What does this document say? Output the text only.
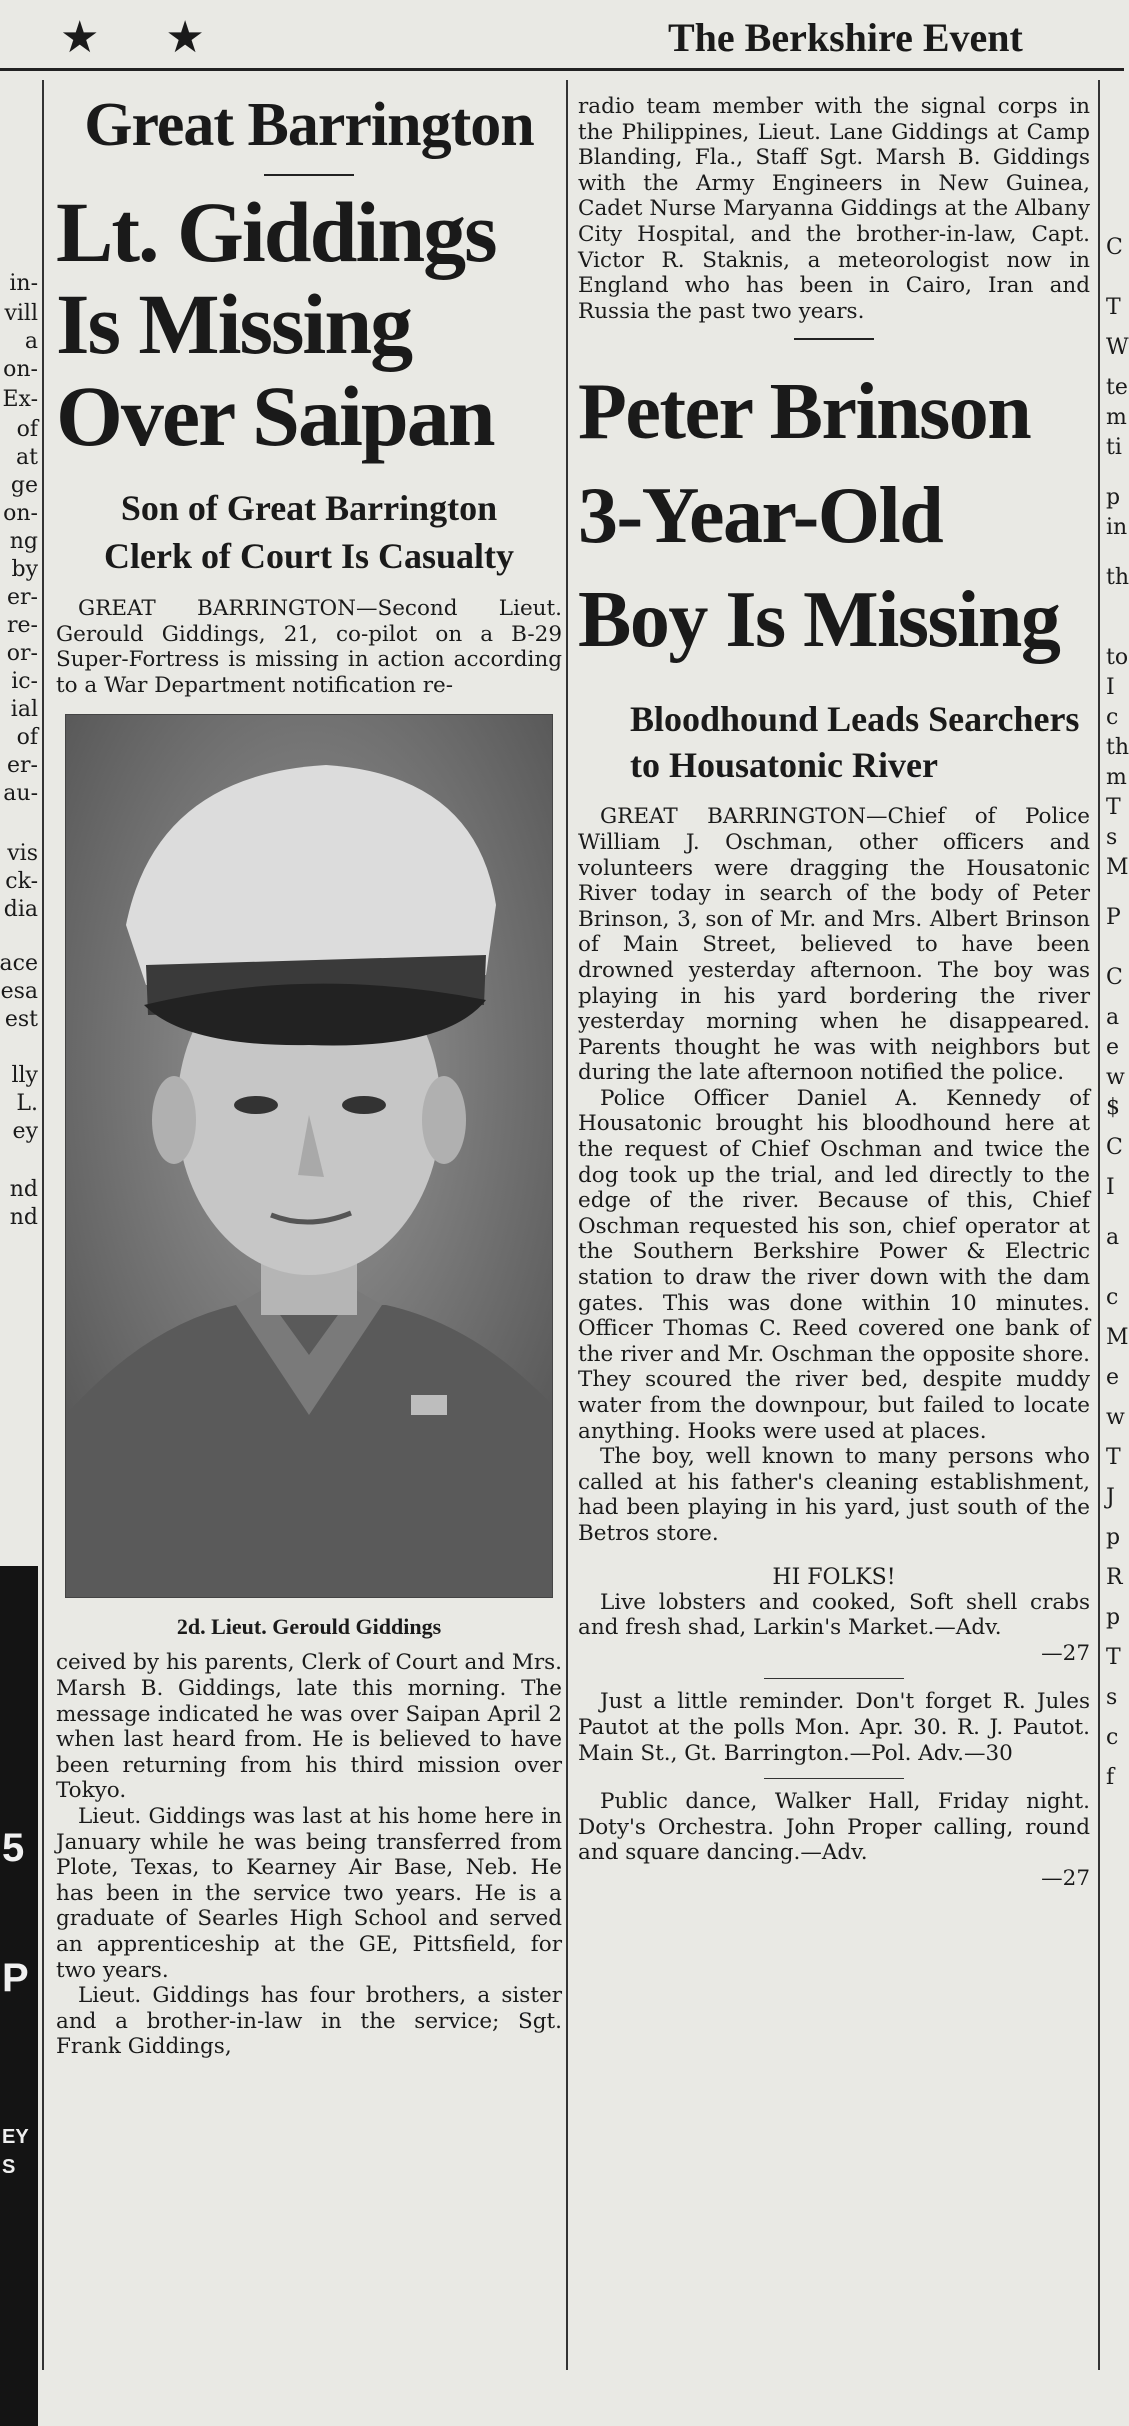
★ ★	The Berkshire Event
in-
vill
a
on-
Ex-
of
at
ge
on-
ng
by
er-
re-
or-
ic-
ial
of
er-
au-
vis
ck-
dia
ace
esa
est
lly
L.
ey
nd
nd
5
P
EY
S
Great Barrington
Lt. Giddings
Is Missing
Over Saipan
Son of Great Barrington Clerk of Court Is Casualty

GREAT BARRINGTON—Second Lieut. Gerould Giddings, 21, co-pilot on a B-29 Super-Fortress is missing in action according to a War Department notification re-

2d. Lieut. Gerould Giddings

ceived by his parents, Clerk of Court and Mrs. Marsh B. Giddings, late this morning. The message indicated he was over Saipan April 2 when last heard from. He is believed to have been returning from his third mission over Tokyo.

Lieut. Giddings was last at his home here in January while he was being transferred from Plote, Texas, to Kearney Air Base, Neb. He has been in the service two years. He is a graduate of Searles High School and served an apprenticeship at the GE, Pittsfield, for two years.

Lieut. Giddings has four brothers, a sister and a brother-in-law in the service; Sgt. Frank Giddings,

radio team member with the signal corps in the Philippines, Lieut. Lane Giddings at Camp Blanding, Fla., Staff Sgt. Marsh B. Giddings with the Army Engineers in New Guinea, Cadet Nurse Maryanna Giddings at the Albany City Hospital, and the brother-in-law, Capt. Victor R. Staknis, a meteorologist now in England who has been in Cairo, Iran and Russia the past two years.

Peter Brinson
3-Year-Old
Boy Is Missing
Bloodhound Leads Searchers to Housatonic River

GREAT BARRINGTON—Chief of Police William J. Oschman, other officers and volunteers were dragging the Housatonic River today in search of the body of Peter Brinson, 3, son of Mr. and Mrs. Albert Brinson of Main Street, believed to have been drowned yesterday afternoon. The boy was playing in his yard bordering the river yesterday morning when he disappeared. Parents thought he was with neighbors but during the late afternoon notified the police.

Police Officer Daniel A. Kennedy of Housatonic brought his bloodhound here at the request of Chief Oschman and twice the dog took up the trial, and led directly to the edge of the river. Because of this, Chief Oschman requested his son, chief operator at the Southern Berkshire Power & Electric station to draw the river down with the dam gates. This was done within 10 minutes. Officer Thomas C. Reed covered one bank of the river and Mr. Oschman the opposite shore. They scoured the river bed, despite muddy water from the downpour, but failed to locate anything. Hooks were used at places.

The boy, well known to many persons who called at his father's cleaning establishment, had been playing in his yard, just south of the Betros store.

HI FOLKS!

Live lobsters and cooked, Soft shell crabs and fresh shad, Larkin's Market.—Adv.

—27

Just a little reminder. Don't forget R. Jules Pautot at the polls Mon. Apr. 30. R. J. Pautot. Main St., Gt. Barrington.—Pol. Adv.—30

Public dance, Walker Hall, Friday night. Doty's Orchestra. John Proper calling, round and square dancing.—Adv.

—27
C
T
W
te
m
ti
p
in
th
to
I
c
th
m
T
s
M
P
C
a
e
w
$
C
I
a
c
M
e
w
T
J
p
R
p
T
s
c
f
